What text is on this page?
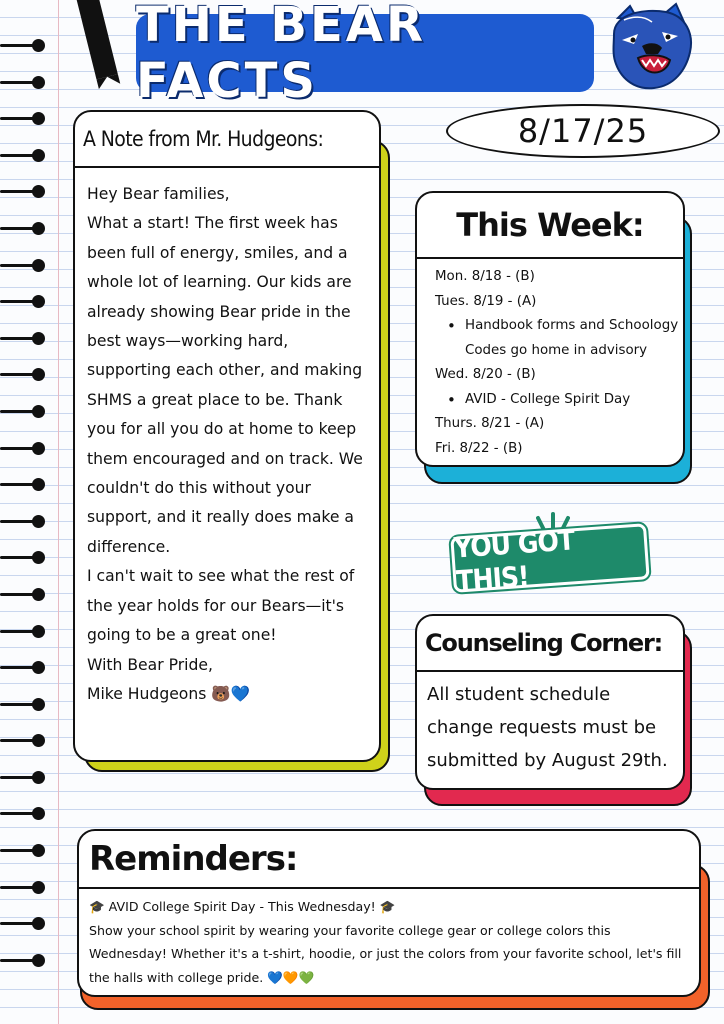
THE BEAR FACTS
8/17/25
A Note from Mr. Hudgeons:

Hey Bear families,

What a start! The first week has been full of energy, smiles, and a whole lot of learning. Our kids are already showing Bear pride in the best ways—working hard, supporting each other, and making SHMS a great place to be. Thank you for all you do at home to keep them encouraged and on track. We couldn't do this without your support, and it really does make a difference.

I can't wait to see what the rest of the year holds for our Bears—it's going to be a great one!

With Bear Pride,

Mike Hudgeons 🐻💙

This Week:
Mon. 8/18 - (B)
Tues. 8/19 - (A)
• Handbook forms and Schoology Codes go home in advisory
Wed. 8/20 - (B)
• AVID - College Spirit Day
Thurs. 8/21 - (A)
Fri. 8/22 - (B)
YOU GOT THIS!
Counseling Corner:
All student schedule change requests must be submitted by August 29th.
Reminders:

🎓 AVID College Spirit Day - This Wednesday! 🎓

Show your school spirit by wearing your favorite college gear or college colors this Wednesday! Whether it's a t-shirt, hoodie, or just the colors from your favorite school, let's fill the halls with college pride. 💙🧡💚
